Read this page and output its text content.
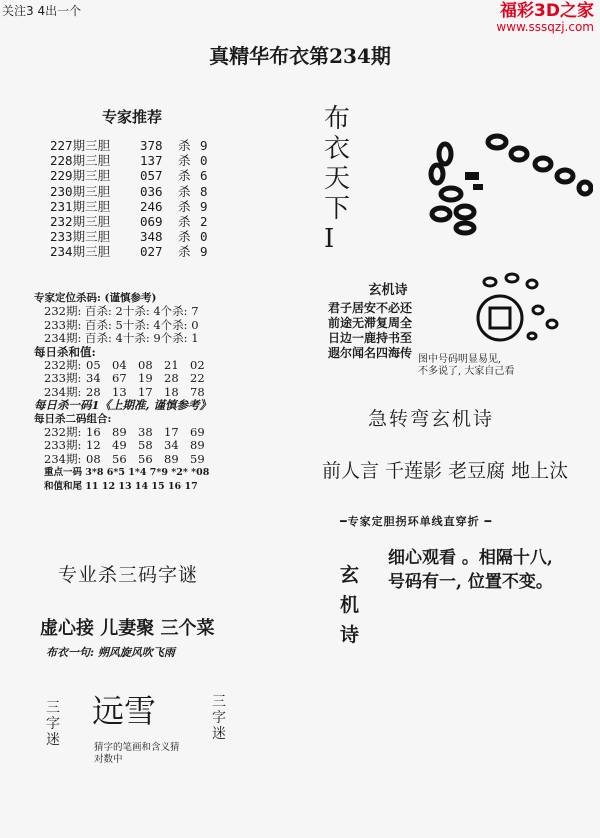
关注3 4出一个	福彩3D之家
www.sssqzj.com
真精华布衣第234期
专家推荐
227期三胆 378 杀 9
228期三胆 137 杀 0
229期三胆 057 杀 6
230期三胆 036 杀 8
231期三胆 246 杀 9
232期三胆 069 杀 2
233期三胆 348 杀 0
234期三胆 027 杀 9
专家定位杀码: (谨慎参考)
232期: 百杀: 2十杀: 4个杀: 7
233期: 百杀: 5十杀: 4个杀: 0
234期: 百杀: 4十杀: 9个杀: 1
每日杀和值:
232期: 05 04 08 21 02
233期: 34 67 19 28 22
234期: 28 13 17 18 78
每日杀一码1《上期准, 谨慎参考》
每日杀二码组合:
232期: 16 89 38 17 69
233期: 12 49 58 34 89
234期: 08 56 56 89 59
重点一码 3*8 6*5 1*4 7*9 *2* *08
和值和尾 11 12 13 14 15 16 17
专业杀三码字谜
虚心接 儿妻聚 三个菜
布衣一句: 朔风旋风吹飞雨
三
字
迷
三
字
迷
远雪
猜字的笔画和含义猜
对数中
布
衣
天
下
I
玄机诗
君子居安不必还
前途无滞复周全
日边一鹿持书至
遐尔闻名四海传 图中号码明显易见,
不多说了, 大家自己看
急转弯玄机诗
前人言 千莲影 老豆腐 地上汰
━专家定胆拐环单线直穿折 ━
玄
机
诗
细心观看 。相隔十八,
号码有一, 位置不变。
